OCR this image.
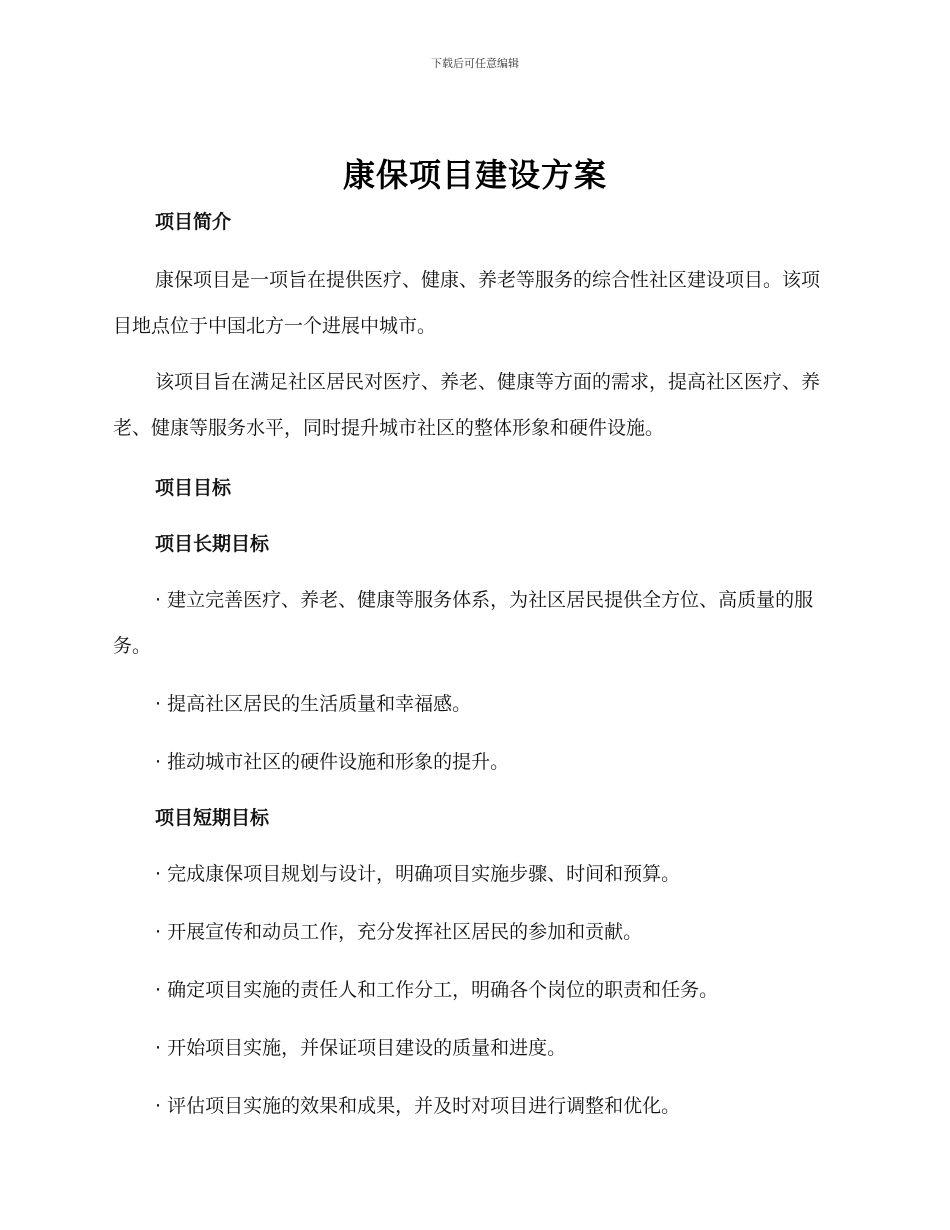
下载后可任意编辑
康保项目建设方案
项目简介
康保项目是一项旨在提供医疗、健康、养老等服务的综合性社区建设项目。该项目地点位于中国北方一个进展中城市。
该项目旨在满足社区居民对医疗、养老、健康等方面的需求，提高社区医疗、养老、健康等服务水平，同时提升城市社区的整体形象和硬件设施。
项目目标
项目长期目标
· 建立完善医疗、养老、健康等服务体系，为社区居民提供全方位、高质量的服务。
· 提高社区居民的生活质量和幸福感。
· 推动城市社区的硬件设施和形象的提升。
项目短期目标
· 完成康保项目规划与设计，明确项目实施步骤、时间和预算。
· 开展宣传和动员工作，充分发挥社区居民的参加和贡献。
· 确定项目实施的责任人和工作分工，明确各个岗位的职责和任务。
· 开始项目实施，并保证项目建设的质量和进度。
· 评估项目实施的效果和成果，并及时对项目进行调整和优化。
